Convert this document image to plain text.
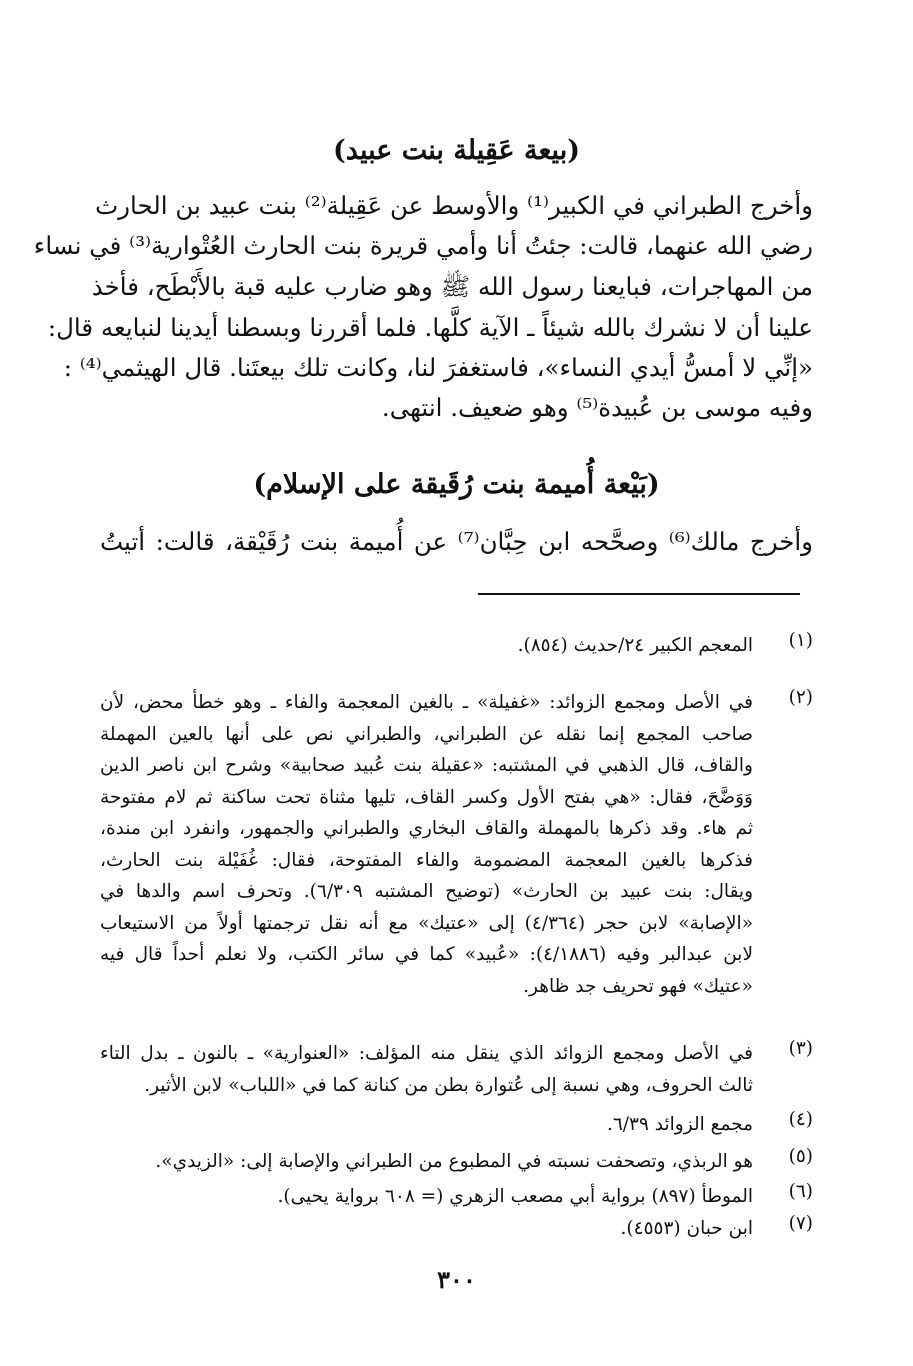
(بيعة عَقِيلة بنت عبيد)
وأخرج الطبراني في الكبير⁽¹⁾ والأوسط عن عَقِيلة⁽²⁾ بنت عبيد بن الحارث
رضي الله عنهما، قالت: جئتُ أنا وأمي قريرة بنت الحارث العُتْوارية⁽³⁾ في نساء
من المهاجرات، فبايعنا رسول الله ﷺ وهو ضارب عليه قبة بالأَبْطَح، فأخذ
علينا أن لا نشرك بالله شيئاً ـ الآية كلَّها. فلما أقررنا وبسطنا أيدينا لنبايعه قال:
«إنِّي لا أمسُّ أيدي النساء»، فاستغفرَ لنا، وكانت تلك بيعتَنا. قال الهيثمي⁽⁴⁾ :
وفيه موسى بن عُبيدة⁽⁵⁾ وهو ضعيف. انتهى.
(بَيْعة أُميمة بنت رُقَيقة على الإسلام)
وأخرج مالك⁽⁶⁾ وصحَّحه ابن حِبَّان⁽⁷⁾ عن أُميمة بنت رُقَيْقة، قالت: أتيتُ
(١)
المعجم الكبير ٢٤/حديث (٨٥٤).
(٢)
في الأصل ومجمع الزوائد: «غفيلة» ـ بالغين المعجمة والفاء ـ وهو خطأ محض، لأن
صاحب المجمع إنما نقله عن الطبراني، والطبراني نص على أنها بالعين المهملة
والقاف، قال الذهبي في المشتبه: «عقيلة بنت عُبيد صحابية» وشرح ابن ناصر الدين
وَوَضَّحَ، فقال: «هي بفتح الأول وكسر القاف، تليها مثناة تحت ساكنة ثم لام مفتوحة
ثم هاء. وقد ذكرها بالمهملة والقاف البخاري والطبراني والجمهور، وانفرد ابن مندة،
فذكرها بالغين المعجمة المضمومة والفاء المفتوحة، فقال: غُفَيْلة بنت الحارث،
ويقال: بنت عبيد بن الحارث» (توضيح المشتبه ٦/٣٠٩). وتحرف اسم والدها في
«الإصابة» لابن حجر (٤/٣٦٤) إلى «عتيك» مع أنه نقل ترجمتها أولاً من الاستيعاب
لابن عبدالبر وفيه (٤/١٨٨٦): «عُبيد» كما في سائر الكتب، ولا نعلم أحداً قال فيه
«عتيك» فهو تحريف جد ظاهر.
(٣)
في الأصل ومجمع الزوائد الذي ينقل منه المؤلف: «العنوارية» ـ بالنون ـ بدل التاء
ثالث الحروف، وهي نسبة إلى عُتوارة بطن من كنانة كما في «اللباب» لابن الأثير.
(٤)
مجمع الزوائد ٦/٣٩.
(٥)
هو الربذي، وتصحفت نسبته في المطبوع من الطبراني والإصابة إلى: «الزيدي».
(٦)
الموطأ (٨٩٧) برواية أبي مصعب الزهري (= ٦٠٨ برواية يحيى).
(٧)
ابن حبان (٤٥٥٣).
٣٠٠
